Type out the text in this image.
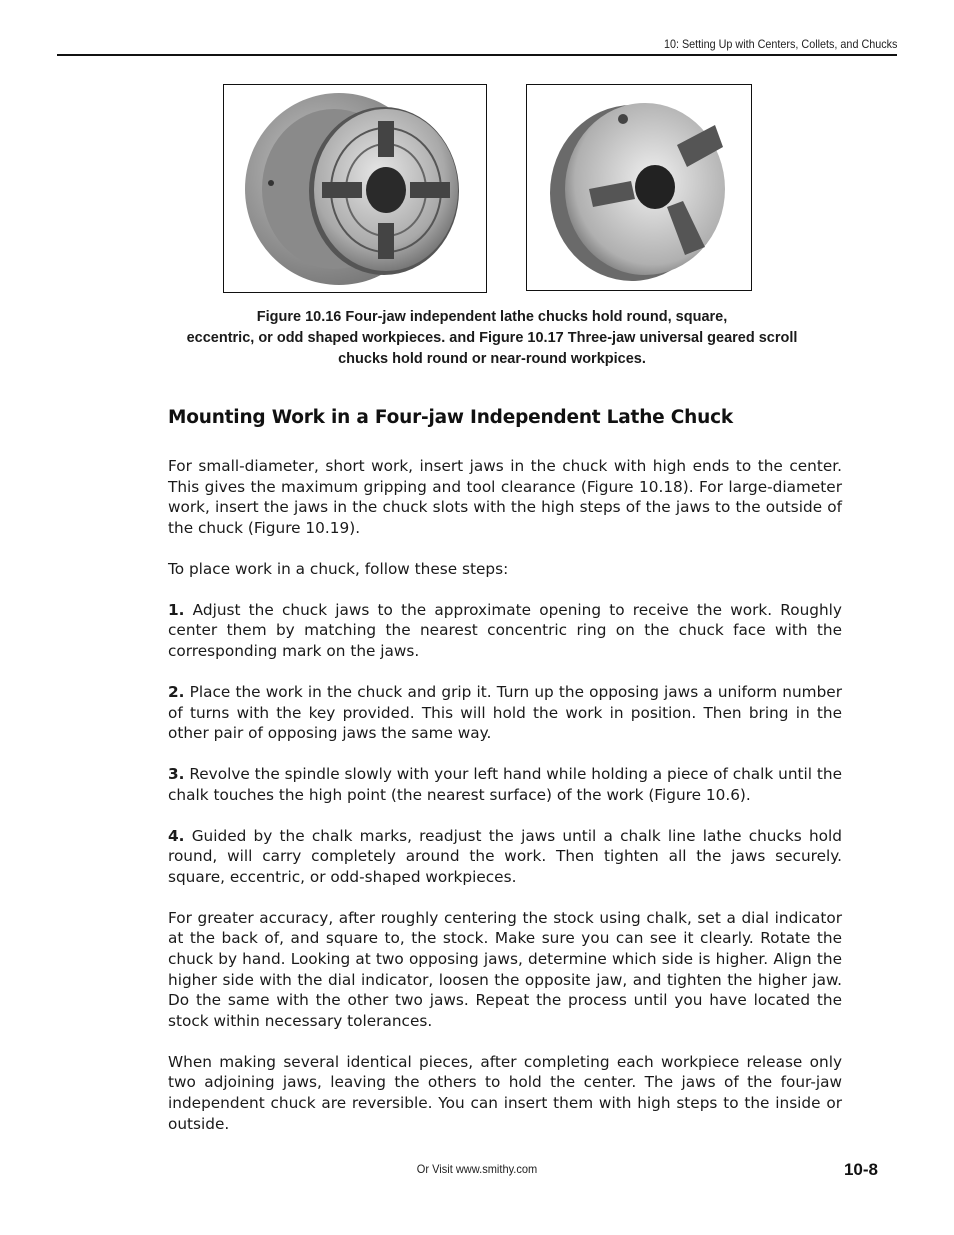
10: Setting Up with Centers, Collets, and Chucks
Figure 10.16 Four-jaw independent lathe chucks hold round, square,
eccentric, or odd shaped workpieces. and Figure 10.17 Three-jaw universal geared scroll
chucks hold round or near-round workpices.
Mounting Work in a Four-jaw Independent Lathe Chuck

For small-diameter, short work, insert jaws in the chuck with high ends to the center. This gives the maximum gripping and tool clearance (Figure 10.18). For large-diameter work, insert the jaws in the chuck slots with the high steps of the jaws to the outside of the chuck (Figure 10.19).

To place work in a chuck, follow these steps:

1. Adjust the chuck jaws to the approximate opening to receive the work. Roughly center them by matching the nearest concentric ring on the chuck face with the corresponding mark on the jaws.

2. Place the work in the chuck and grip it. Turn up the opposing jaws a uniform number of turns with the key provided. This will hold the work in position. Then bring in the other pair of opposing jaws the same way.

3. Revolve the spindle slowly with your left hand while holding a piece of chalk until the chalk touches the high point (the nearest surface) of the work (Figure 10.6).

4. Guided by the chalk marks, readjust the jaws until a chalk line lathe chucks hold round, will carry completely around the work. Then tighten all the jaws securely. square, eccentric, or odd-shaped workpieces.

For greater accuracy, after roughly centering the stock using chalk, set a dial indicator at the back of, and square to, the stock. Make sure you can see it clearly. Rotate the chuck by hand. Looking at two opposing jaws, determine which side is higher. Align the higher side with the dial indicator, loosen the opposite jaw, and tighten the higher jaw. Do the same with the other two jaws. Repeat the process until you have located the stock within necessary tolerances.

When making several identical pieces, after completing each workpiece release only two adjoining jaws, leaving the others to hold the center. The jaws of the four-jaw independent chuck are reversible. You can insert them with high steps to the inside or outside.

Or Visit www.smithy.com	10-8
